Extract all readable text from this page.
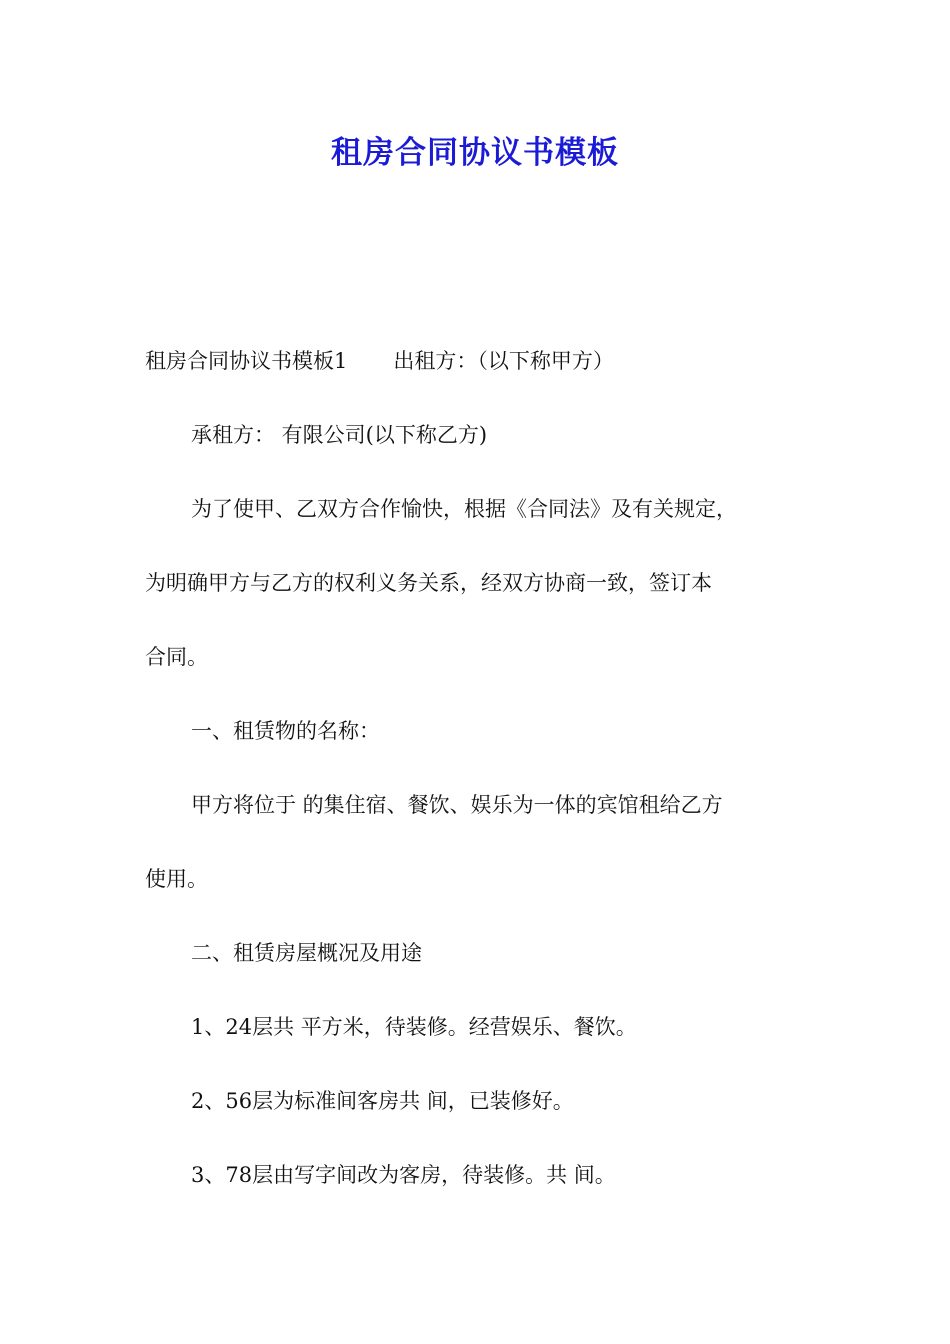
租房合同协议书模板

租房合同协议书模板1 出租方：（以下称甲方）

承租方： 有限公司(以下称乙方)

为了使甲、乙双方合作愉快，根据《合同法》及有关规定，

为明确甲方与乙方的权利义务关系，经双方协商一致，签订本

合同。

一、租赁物的名称：

甲方将位于 的集住宿、餐饮、娱乐为一体的宾馆租给乙方

使用。

二、租赁房屋概况及用途

1、24层共 平方米，待装修。经营娱乐、餐饮。

2、56层为标准间客房共 间，已装修好。

3、78层由写字间改为客房，待装修。共 间。
